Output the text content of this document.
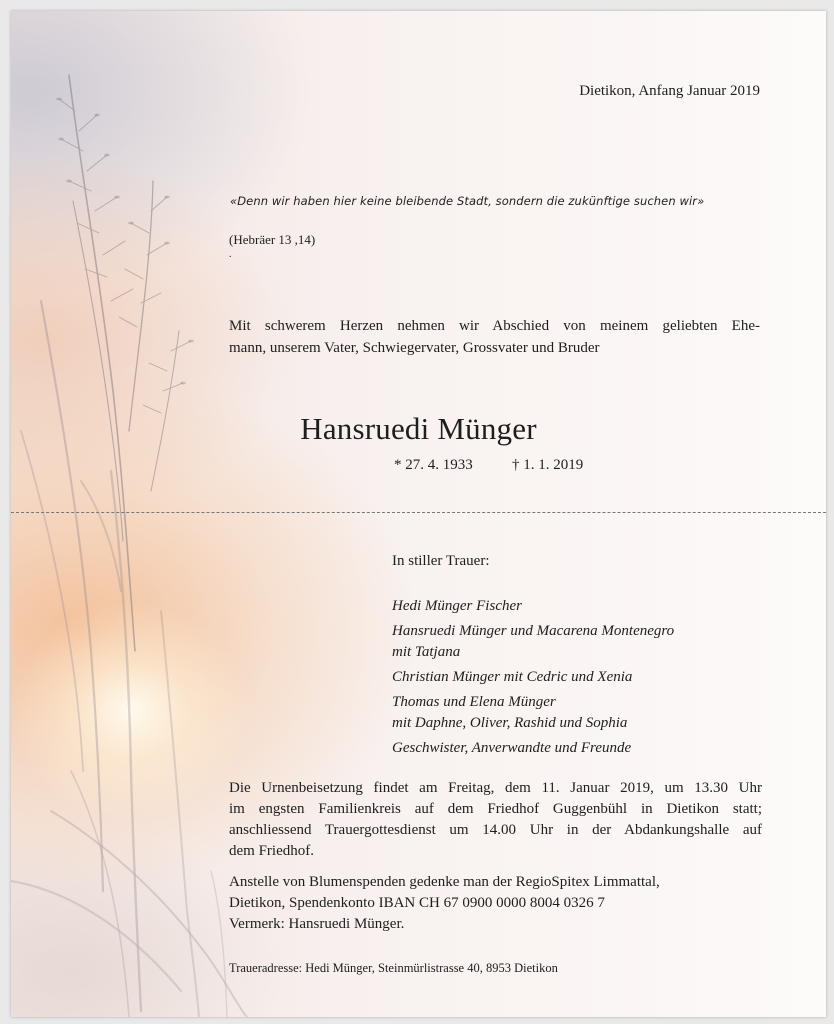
Dietikon, Anfang Januar 2019
«Denn wir haben hier keine bleibende Stadt, sondern die zukünftige suchen wir»
(Hebräer 13 ,14)
.
Mit schwerem Herzen nehmen wir Abschied von meinem geliebten Ehe-
mann, unserem Vater, Schwiegervater, Grossvater und Bruder
Hansruedi Münger
* 27. 4. 1933	† 1. 1. 2019
In stiller Trauer:
Hedi Münger Fischer
Hansruedi Münger und Macarena Montenegro
mit Tatjana
Christian Münger mit Cedric und Xenia
Thomas und Elena Münger
mit Daphne, Oliver, Rashid und Sophia
Geschwister, Anverwandte und Freunde
Die Urnenbeisetzung findet am Freitag, dem 11. Januar 2019, um 13.30 Uhr
im engsten Familienkreis auf dem Friedhof Guggenbühl in Dietikon statt;
anschliessend Trauergottesdienst um 14.00 Uhr in der Abdankungshalle auf
dem Friedhof.
Anstelle von Blumenspenden gedenke man der RegioSpitex Limmattal,
Dietikon, Spendenkonto IBAN CH 67 0900 0000 8004 0326 7
Vermerk: Hansruedi Münger.
Traueradresse: Hedi Münger, Steinmürlistrasse 40, 8953 Dietikon
